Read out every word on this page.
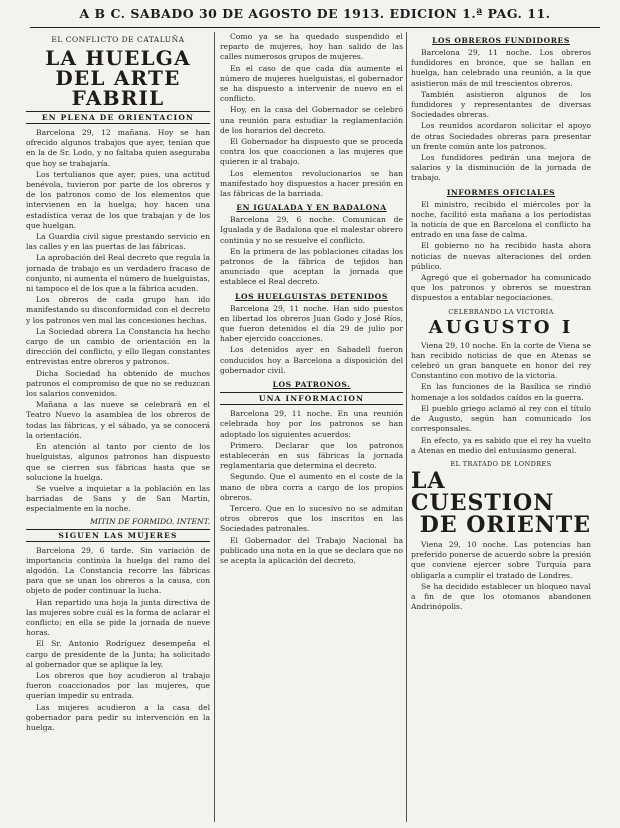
A B C. SABADO 30 DE AGOSTO DE 1913. EDICION 1.ª PAG. 11.
EL CONFLICTO DE CATALUÑA
LA HUELGA
DEL ARTE FABRIL
EN PLENA DE ORIENTACION

Barcelona 29, 12 mañana. Hoy se han ofrecido algunos trabajos que ayer, tenían que en la de Sr. Lodo, y no faltaba quien aseguraba que hoy se trabajaría.

Los tertulianos que ayer, pues, una actitud benévola, tuvieron por parte de los obreros y de los patronos como de los elementos que intervienen en la huelga; hoy hacen una estadística veraz de los que trabajan y de los que huelgan.

La Guardia civil sigue prestando servicio en las calles y en las puertas de las fábricas.

La aprobación del Real decreto que regula la jornada de trabajo es un verdadero fracaso de conjunto, ni aumenta el número de huelguistas, ni tampoco el de los que a la fábrica acuden.

Los obreros de cada grupo han ido manifestando su disconformidad con el decreto y los patronos ven mal las concesiones hechas.

La Sociedad obrera La Constancia ha hecho cargo de un cambio de orientación en la dirección del conflicto, y ello llegan constantes entrevistas entre obreros y patronos.

Dicha Sociedad ha obtenido de muchos patronos el compromiso de que no se reduzcan los salarios convenidos.

Mañana a las nueve se celebrará en el Teatro Nuevo la asamblea de los obreros de todas las fábricas, y el sábado, ya se conocerá la orientación.

En atención al tanto por ciento de los huelguistas, algunos patronos han dispuesto que se cierren sus fábricas hasta que se solucione la huelga.

Se vuelve a inquietar a la población en las barriadas de Sans y de San Martín, especialmente en la noche.

MITIN DE FORMIDO. INTENT.
SIGUEN LAS MUJERES

Barcelona 29, 6 tarde. Sin variación de importancia continúa la huelga del ramo del algodón. La Constancia recorre las fábricas para que se unan los obreros a la causa, con objeto de poder continuar la lucha.

Han repartido una hoja la junta directiva de las mujeres sobre cuál es la forma de aclarar el conflicto; en ella se pide la jornada de nueve horas.

El Sr. Antonio Rodríguez desempeña el cargo de presidente de la Junta; ha solicitado al gobernador que se aplique la ley.

Los obreros que hoy acudieron al trabajo fueron coaccionados por las mujeres, que querían impedir su entrada.

Las mujeres acudieron a la casa del gobernador para pedir su intervención en la huelga.

Como ya se ha quedado suspendido el reparto de mujeres, hoy han salido de las calles numerosos grupos de mujeres.

En el caso de que cada día aumente el número de mujeres huelguistas, el gobernador se ha dispuesto a intervenir de nuevo en el conflicto.

Hoy, en la casa del Gobernador se celebró una reunión para estudiar la reglamentación de los horarios del decreto.

El Gobernador ha dispuesto que se proceda contra los que coaccionen a las mujeres que quieren ir al trabajo.

Los elementos revolucionarios se han manifestado hoy dispuestos a hacer presión en las fábricas de la barriada.

EN IGUALADA Y EN BADALONA

Barcelona 29, 6 noche. Comunican de Igualada y de Badalona que el malestar obrero continúa y no se resuelve el conflicto.

En la primera de las poblaciones citadas los patronos de la fábrica de tejidos han anunciado que aceptan la jornada que establece el Real decreto.

LOS HUELGUISTAS DETENIDOS

Barcelona 29, 11 noche. Han sido puestos en libertad los obreros Juan Godo y José Ríos, que fueron detenidos el día 29 de julio por haber ejercido coacciones.

Los detenidos ayer en Sabadell fueron conducidos hoy a Barcelona a disposición del gobernador civil.

LOS PATRONOS.
UNA INFORMACION

Barcelona 29, 11 noche. En una reunión celebrada hoy por los patronos se han adoptado los siguientes acuerdos:

Primero. Declarar que los patronos establecerán en sus fábricas la jornada reglamentaria que determina el decreto.

Segundo. Que el aumento en el coste de la mano de obra corra a cargo de los propios obreros.

Tercero. Que en lo sucesivo no se admitan otros obreros que los inscritos en las Sociedades patronales.

El Gobernador del Trabajo Nacional ha publicado una nota en la que se declara que no se acepta la aplicación del decreto.

LOS OBREROS FUNDIDORES

Barcelona 29, 11 noche. Los obreros fundidores en bronce, que se hallan en huelga, han celebrado una reunión, a la que asistieron más de mil trescientos obreros.

También asistieron algunos de los fundidores y representantes de diversas Sociedades obreras.

Los reunidos acordaron solicitar el apoyo de otras Sociedades obreras para presentar un frente común ante los patronos.

Los fundidores pedirán una mejora de salarios y la disminución de la jornada de trabajo.

INFORMES OFICIALES

El ministro, recibido el miércoles por la noche, facilitó esta mañana a los periodistas la noticia de que en Barcelona el conflicto ha entrado en una fase de calma.

El gobierno no ha recibido hasta ahora noticias de nuevas alteraciones del orden público.

Agregó que el gobernador ha comunicado que los patronos y obreros se muestran dispuestos a entablar negociaciones.

CELEBRANDO LA VICTORIA
AUGUSTO I

Viena 29, 10 noche. En la corte de Viena se han recibido noticias de que en Atenas se celebró un gran banquete en honor del rey Constantino con motivo de la victoria.

En las funciones de la Basílica se rindió homenaje a los soldados caídos en la guerra.

El pueblo griego aclamó al rey con el título de Augusto, según han comunicado los corresponsales.

En efecto, ya es sabido que el rey ha vuelto a Atenas en medio del entusiasmo general.

EL TRATADO DE LONDRES
LA CUESTION
DE ORIENTE

Viena 29, 10 noche. Las potencias han preferido ponerse de acuerdo sobre la presión que conviene ejercer sobre Turquía para obligarla a cumplir el tratado de Londres.

Se ha decidido establecer un bloqueo naval a fin de que los otomanos abandonen Andrinópolis.
